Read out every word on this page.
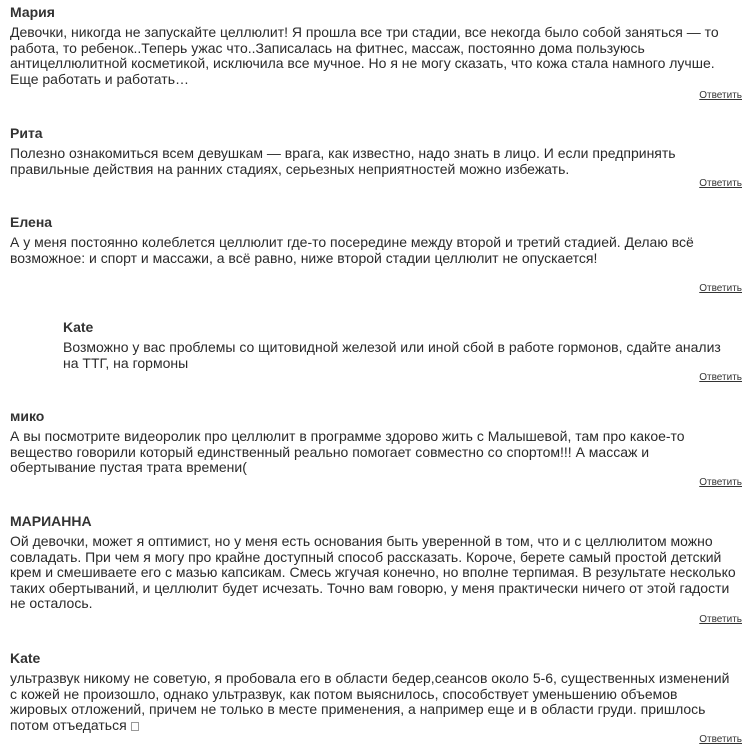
Мария

Девочки, никогда не запускайте целлюлит! Я прошла все три стадии, все некогда было собой заняться — то работа, то ребенок..Теперь ужас что..Записалась на фитнес, массаж, постоянно дома пользуюсь антицеллюлитной косметикой, исключила все мучное. Но я не могу сказать, что кожа стала намного лучше. Еще работать и работать…

Ответить
Рита

Полезно ознакомиться всем девушкам — врага, как известно, надо знать в лицо. И если предпринять правильные действия на ранних стадиях, серьезных неприятностей можно избежать.

Ответить
Елена

А у меня постоянно колеблется целлюлит где-то посередине между второй и третий стадией. Делаю всё возможное: и спорт и массажи, а всё равно, ниже второй стадии целлюлит не опускается!

Ответить
Kate

Возможно у вас проблемы со щитовидной железой или иной сбой в работе гормонов, сдайте анализ на ТТГ, на гормоны

Ответить
мико

А вы посмотрите видеоролик про целлюлит в программе здорово жить с Малышевой, там про какое-то вещество говорили который единственный реально помогает совместно со спортом!!! А массаж и обертывание пустая трата времени(

Ответить
МАРИАННА

Ой девочки, может я оптимист, но у меня есть основания быть уверенной в том, что и с целлюлитом можно совладать. При чем я могу про крайне доступный способ рассказать. Короче, берете самый простой детский крем и смешиваете его с мазью капсикам. Смесь жгучая конечно, но вполне терпимая. В результате несколько таких обертываний, и целлюлит будет исчезать. Точно вам говорю, у меня практически ничего от этой гадости не осталось.

Ответить
Kate

ультразвук никому не советую, я пробовала его в области бедер,сеансов около 5-6, существенных изменений с кожей не произошло, однако ультразвук, как потом выяснилось, способствует уменьшению объемов жировых отложений, причем не только в месте применения, а например еще и в области груди. пришлось потом отъедаться

Ответить
